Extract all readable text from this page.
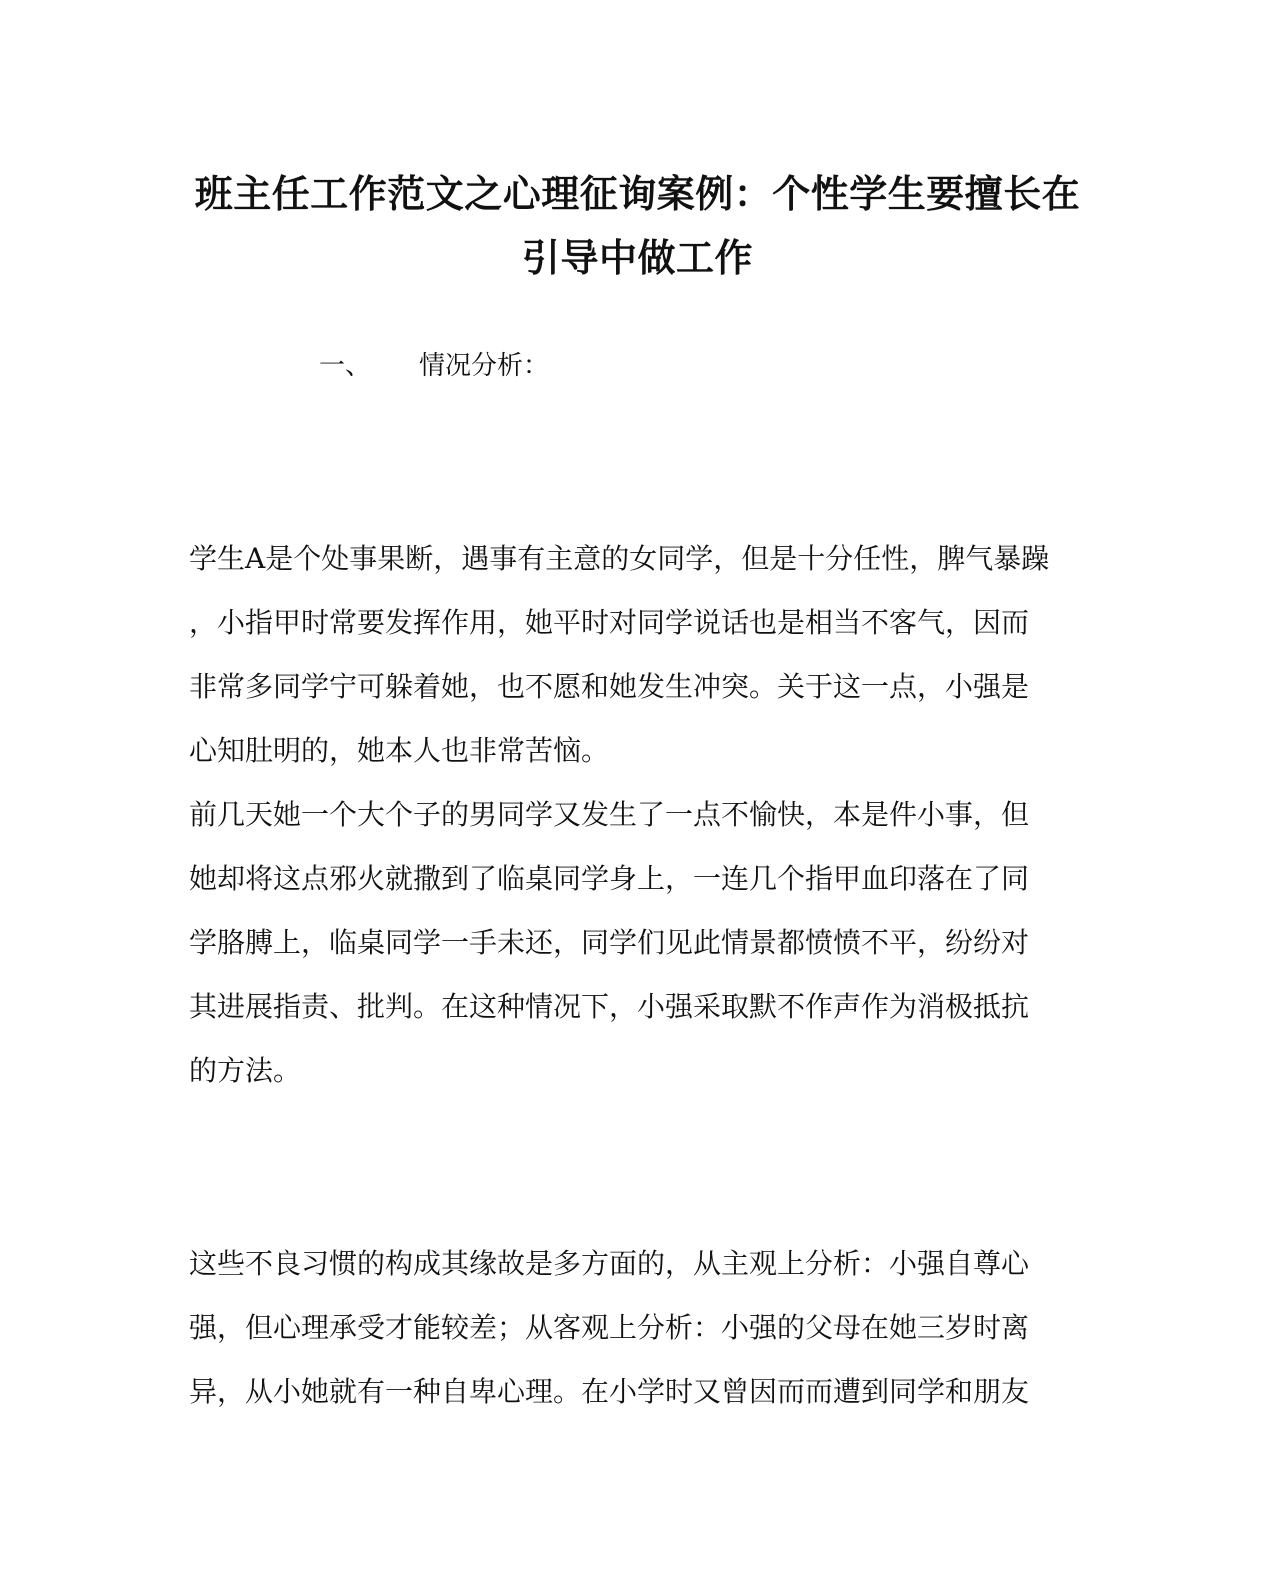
班主任工作范文之心理征询案例：个性学生要擅长在
引导中做工作
一、 情况分析：

学生A是个处事果断，遇事有主意的女同学，但是十分任性，脾气暴躁
，小指甲时常要发挥作用，她平时对同学说话也是相当不客气，因而
非常多同学宁可躲着她，也不愿和她发生冲突。关于这一点，小强是
心知肚明的，她本人也非常苦恼。

前几天她一个大个子的男同学又发生了一点不愉快，本是件小事，但
她却将这点邪火就撒到了临桌同学身上，一连几个指甲血印落在了同
学胳膊上，临桌同学一手未还，同学们见此情景都愤愤不平，纷纷对
其进展指责、批判。在这种情况下，小强采取默不作声作为消极抵抗
的方法。

这些不良习惯的构成其缘故是多方面的，从主观上分析：小强自尊心
强，但心理承受才能较差；从客观上分析：小强的父母在她三岁时离
异，从小她就有一种自卑心理。在小学时又曾因而而遭到同学和朋友
